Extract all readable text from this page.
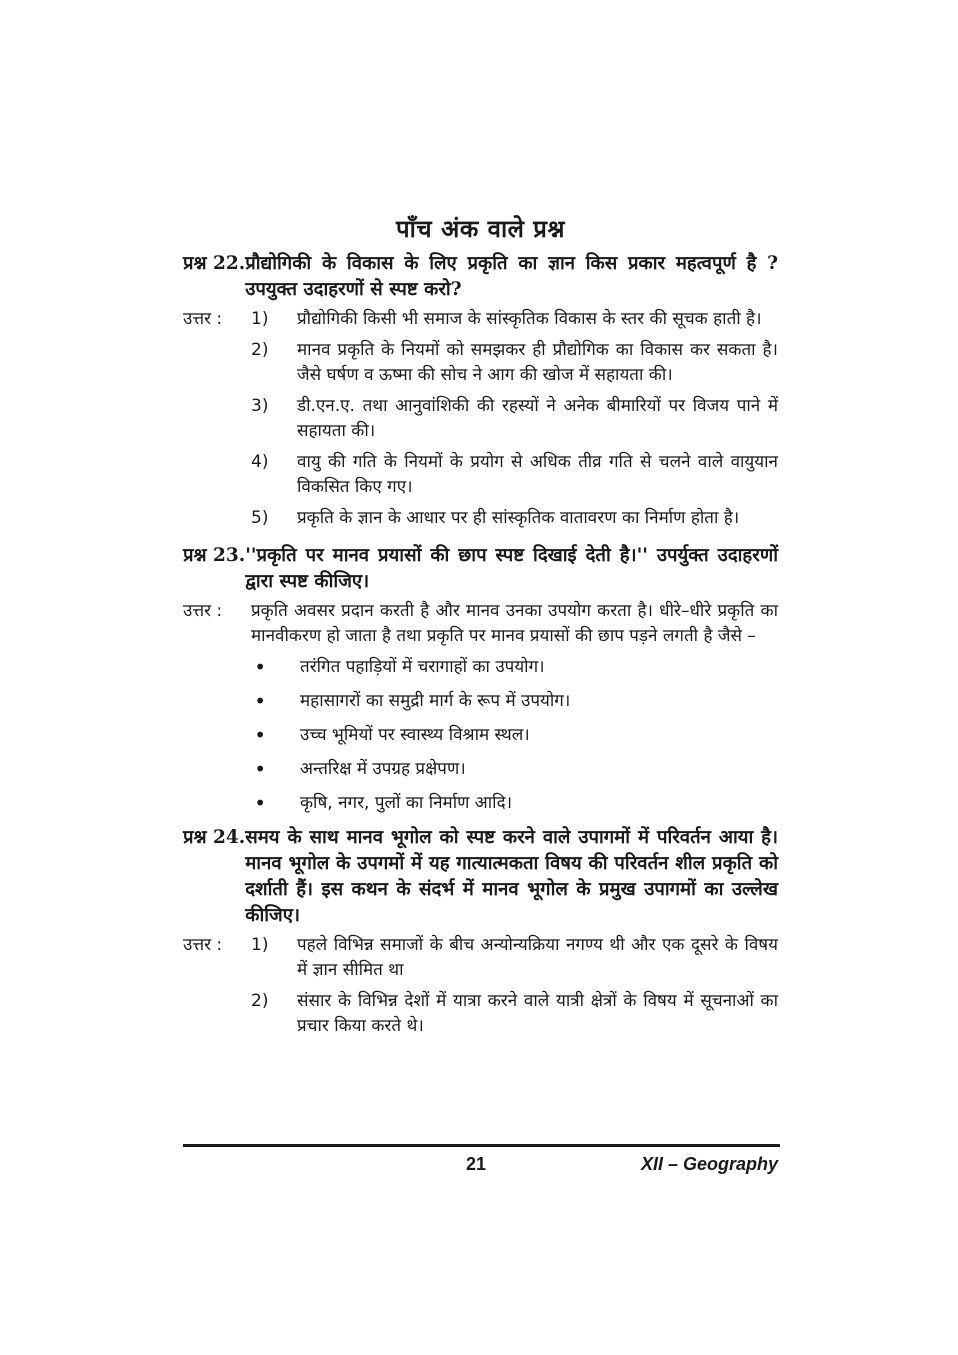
पाँच अंक वाले प्रश्न
प्रश्न 22. प्रौद्योगिकी के विकास के लिए प्रकृति का ज्ञान किस प्रकार महत्वपूर्ण है ? उपयुक्त उदाहरणों से स्पष्ट करो?
उत्तर :	1)	प्रौद्योगिकी किसी भी समाज के सांस्कृतिक विकास के स्तर की सूचक हाती है।
2)	मानव प्रकृति के नियमों को समझकर ही प्रौद्योगिक का विकास कर सकता है। जैसे घर्षण व ऊष्मा की सोच ने आग की खोज में सहायता की।
3)	डी.एन.ए. तथा आनुवांशिकी की रहस्यों ने अनेक बीमारियों पर विजय पाने में सहायता की।
4)	वायु की गति के नियमों के प्रयोग से अधिक तीव्र गति से चलने वाले वायुयान विकसित किए गए।
5)	प्रकृति के ज्ञान के आधार पर ही सांस्कृतिक वातावरण का निर्माण होता है।
प्रश्न 23. ''प्रकृति पर मानव प्रयासों की छाप स्पष्ट दिखाई देती है।'' उपर्युक्त उदाहरणों द्वारा स्पष्ट कीजिए।
उत्तर :	प्रकृति अवसर प्रदान करती है और मानव उनका उपयोग करता है। धीरे–धीरे प्रकृति का मानवीकरण हो जाता है तथा प्रकृति पर मानव प्रयासों की छाप पड़ने लगती है जैसे –
•	तरंगित पहाड़ियों में चरागाहों का उपयोग।
•	महासागरों का समुद्री मार्ग के रूप में उपयोग।
•	उच्च भूमियों पर स्वास्थ्य विश्राम स्थल।
•	अन्तरिक्ष में उपग्रह प्रक्षेपण।
•	कृषि, नगर, पुलों का निर्माण आदि।
प्रश्न 24. समय के साथ मानव भूगोल को स्पष्ट करने वाले उपागमों में परिवर्तन आया है। मानव भूगोल के उपगमों में यह गात्यात्मकता विषय की परिवर्तन शील प्रकृति को दर्शाती हैं। इस कथन के संदर्भ में मानव भूगोल के प्रमुख उपागमों का उल्लेख कीजिए।
उत्तर :	1)	पहले विभिन्न समाजों के बीच अन्योन्यक्रिया नगण्य थी और एक दूसरे के विषय में ज्ञान सीमित था
2)	संसार के विभिन्न देशों में यात्रा करने वाले यात्री क्षेत्रों के विषय में सूचनाओं का प्रचार किया करते थे।
21	XII – Geography
